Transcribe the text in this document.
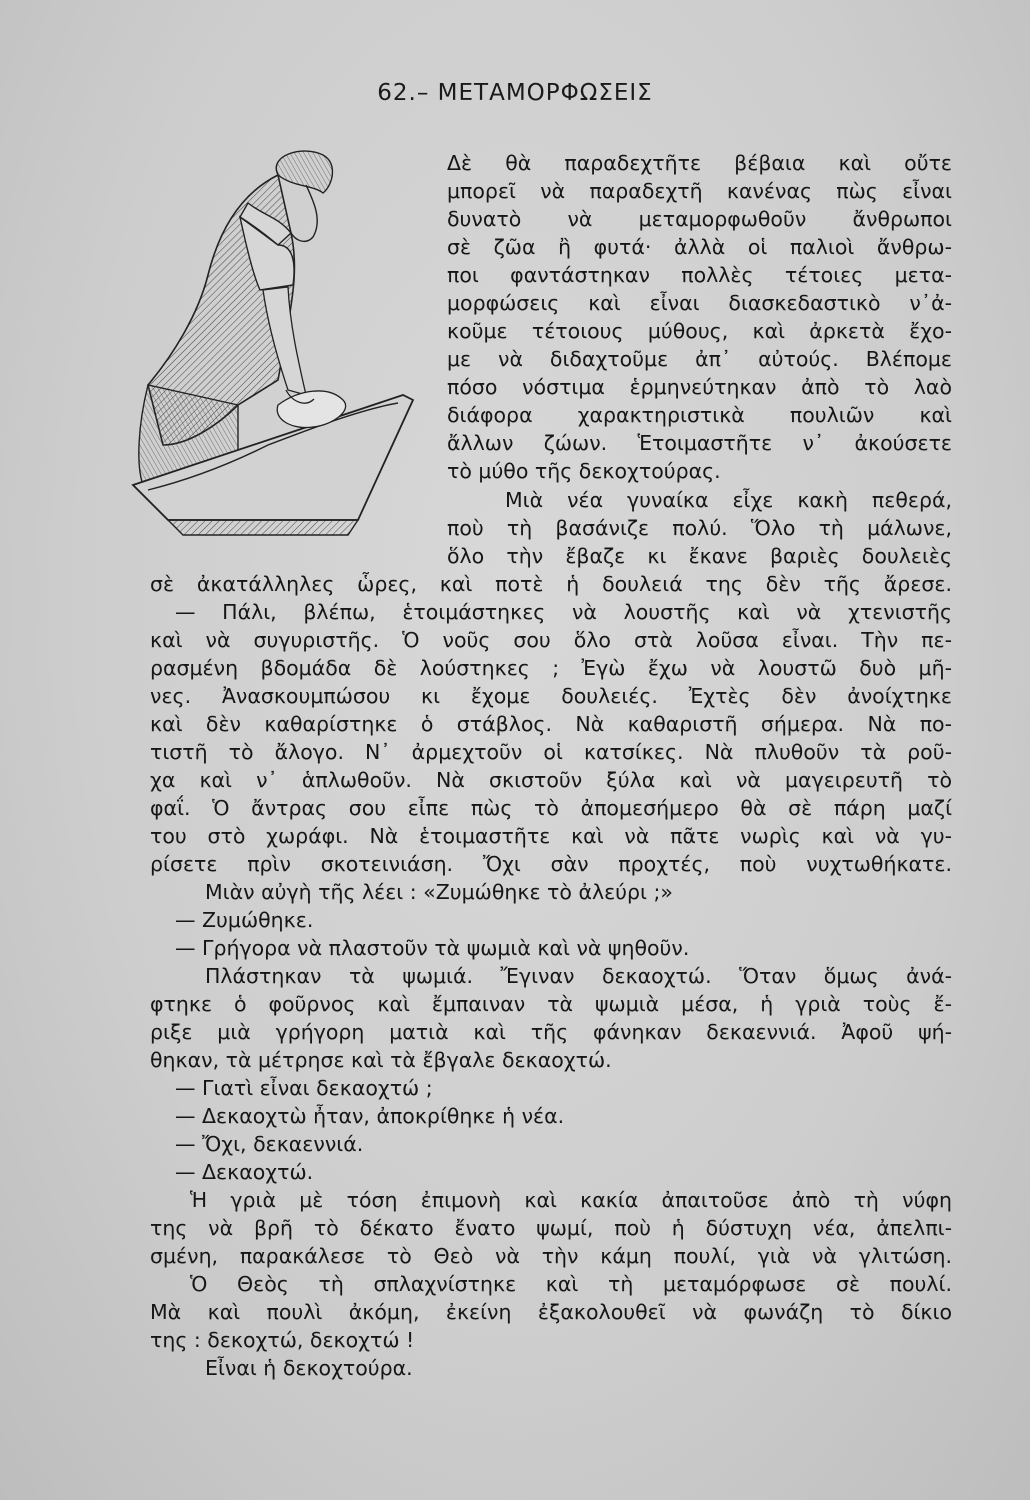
62.– ΜΕΤΑΜΟΡΦΩΣΕΙΣ
Δὲ θὰ παραδεχτῆτε βέβαια καὶ οὔτε
μπορεῖ νὰ παραδεχτῆ κανένας πὼς εἶναι
δυνατὸ νὰ μεταμορφωθοῦν ἄνθρωποι
σὲ ζῶα ἢ φυτά· ἀλλὰ οἱ παλιοὶ ἄνθρω-
ποι φαντάστηκαν πολλὲς τέτοιες μετα-
μορφώσεις καὶ εἶναι διασκεδαστικὸ ν᾽ἀ-
κοῦμε τέτοιους μύθους, καὶ ἀρκετὰ ἔχο-
με νὰ διδαχτοῦμε ἀπ᾽ αὐτούς. Βλέπομε
πόσο νόστιμα ἑρμηνεύτηκαν ἀπὸ τὸ λαὸ
διάφορα χαρακτηριστικὰ πουλιῶν καὶ
ἄλλων ζώων. Ἑτοιμαστῆτε ν᾽ ἀκούσετε
τὸ μύθο τῆς δεκοχτούρας.
Μιὰ νέα γυναίκα εἶχε κακὴ πεθερά,
ποὺ τὴ βασάνιζε πολύ. Ὅλο τὴ μάλωνε,
ὅλο τὴν ἔβαζε κι ἔκανε βαριὲς δουλειὲς
σὲ ἀκατάλληλες ὧρες, καὶ ποτὲ ἡ δουλειά της δὲν τῆς ἄρεσε.
— Πάλι, βλέπω, ἑτοιμάστηκες νὰ λουστῆς καὶ νὰ χτενιστῆς
καὶ νὰ συγυριστῆς. Ὁ νοῦς σου ὅλο στὰ λοῦσα εἶναι. Τὴν πε-
ρασμένη βδομάδα δὲ λούστηκες ; Ἐγὼ ἔχω νὰ λουστῶ δυὸ μῆ-
νες. Ἀνασκουμπώσου κι ἔχομε δουλειές. Ἐχτὲς δὲν ἀνοίχτηκε
καὶ δὲν καθαρίστηκε ὁ στάβλος. Νὰ καθαριστῆ σήμερα. Νὰ πο-
τιστῆ τὸ ἄλογο. Ν᾽ ἀρμεχτοῦν οἱ κατσίκες. Νὰ πλυθοῦν τὰ ροῦ-
χα καὶ ν᾽ ἁπλωθοῦν. Νὰ σκιστοῦν ξύλα καὶ νὰ μαγειρευτῆ τὸ
φαΐ. Ὁ ἄντρας σου εἶπε πὼς τὸ ἀπομεσήμερο θὰ σὲ πάρη μαζί
του στὸ χωράφι. Νὰ ἑτοιμαστῆτε καὶ νὰ πᾶτε νωρὶς καὶ νὰ γυ-
ρίσετε πρὶν σκοτεινιάση. Ὄχι σὰν προχτές, ποὺ νυχτωθήκατε.
Μιὰν αὐγὴ τῆς λέει : «Ζυμώθηκε τὸ ἀλεύρι ;»
— Ζυμώθηκε.
— Γρήγορα νὰ πλαστοῦν τὰ ψωμιὰ καὶ νὰ ψηθοῦν.
Πλάστηκαν τὰ ψωμιά. Ἔγιναν δεκαοχτώ. Ὅταν ὅμως ἀνά-
φτηκε ὁ φοῦρνος καὶ ἔμπαιναν τὰ ψωμιὰ μέσα, ἡ γριὰ τοὺς ἔ-
ριξε μιὰ γρήγορη ματιὰ καὶ τῆς φάνηκαν δεκαεννιά. Ἀφοῦ ψή-
θηκαν, τὰ μέτρησε καὶ τὰ ἔβγαλε δεκαοχτώ.
— Γιατὶ εἶναι δεκαοχτώ ;
— Δεκαοχτὼ ἦταν, ἀποκρίθηκε ἡ νέα.
— Ὄχι, δεκαεννιά.
— Δεκαοχτώ.
Ἡ γριὰ μὲ τόση ἐπιμονὴ καὶ κακία ἀπαιτοῦσε ἀπὸ τὴ νύφη
της νὰ βρῆ τὸ δέκατο ἔνατο ψωμί, ποὺ ἡ δύστυχη νέα, ἀπελπι-
σμένη, παρακάλεσε τὸ Θεὸ νὰ τὴν κάμη πουλί, γιὰ νὰ γλιτώση.
Ὁ Θεὸς τὴ σπλαχνίστηκε καὶ τὴ μεταμόρφωσε σὲ πουλί.
Μὰ καὶ πουλὶ ἀκόμη, ἐκείνη ἐξακολουθεῖ νὰ φωνάζη τὸ δίκιο
της : δεκοχτώ, δεκοχτώ !
Εἶναι ἡ δεκοχτούρα.
